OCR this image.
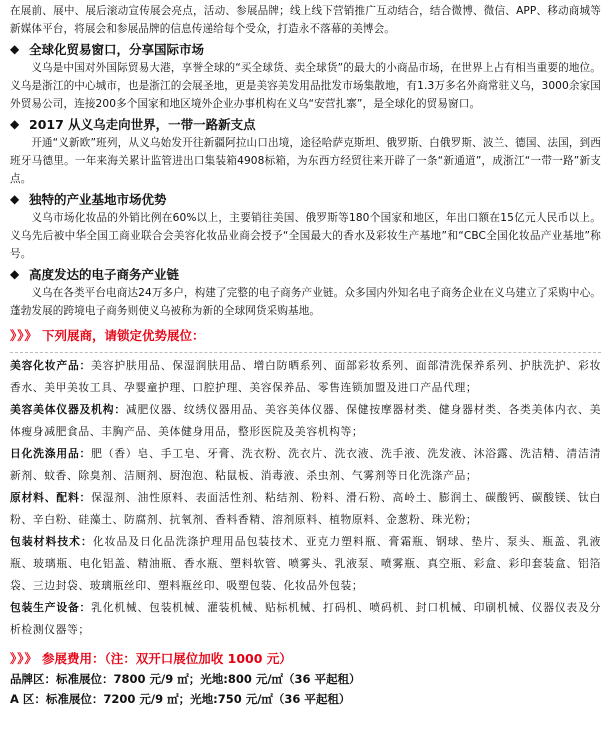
在展前、展中、展后滚动宣传展会亮点，活动、参展品牌；线上线下营销推广互动结合，结合微博、微信、APP、移动商城等新媒体平台，将展会和参展品牌的信息传递给每个受众，打造永不落幕的美博会。

◆ 全球化贸易窗口，分享国际市场

义乌是中国对外国际贸易大港，享誉全球的“买全球货、卖全球货”的最大的小商品市场，在世界上占有相当重要的地位。义乌是浙江的中心城市，也是浙江的会展圣地，更是美容美发用品批发市场集散地，有1.3万多名外商常驻义乌，3000余家国外贸易公司，连接200多个国家和地区境外企业办事机构在义乌“安营扎寨”，是全球化的贸易窗口。

◆ 2017 从义乌走向世界，一带一路新支点

开通“义新欧”班列，从义乌始发开往新疆阿拉山口出境，途径哈萨克斯坦、俄罗斯、白俄罗斯、波兰、德国、法国，到西班牙马德里。一年来海关累计监管进出口集装箱4908标箱，为东西方经贸往来开辟了一条“新通道”，成浙江“一带一路”新支点。

◆ 独特的产业基地市场优势

义乌市场化妆品的外销比例在60%以上，主要销往美国、俄罗斯等180个国家和地区，年出口额在15亿元人民币以上。义乌先后被中华全国工商业联合会美容化妆品业商会授予“全国最大的香水及彩妆生产基地”和“CBC全国化妆品产业基地”称号。

◆ 高度发达的电子商务产业链

义乌在各类平台电商达24万多户，构建了完整的电子商务产业链。众多国内外知名电子商务企业在义乌建立了采购中心。蓬勃发展的跨境电子商务则使义乌被称为新的全球网货采购基地。

》》》 下列展商，请锁定优势展位：

美容化妆产品：美容护肤用品、保湿润肤用品、增白防晒系列、面部彩妆系列、面部清洗保养系列、护肤洗护、彩妆香水、美甲美妆工具、孕婴童护理、口腔护理、美容保养品、零售连锁加盟及进口产品代理；

美容美体仪器及机构：减肥仪器、纹绣仪器用品、美容美体仪器、保健按摩器材类、健身器材类、各类美体内衣、美体瘦身减肥食品、丰胸产品、美体健身用品，整形医院及美容机构等；

日化洗涤用品：肥（香）皂、手工皂、牙膏、洗衣粉、洗衣片、洗衣液、洗手液、洗发液、沐浴露、洗洁精、清洁清新剂、蚊香、除臭剂、洁厕剂、厨泡泡、粘鼠板、消毒液、杀虫剂、气雾剂等日化洗涤产品；

原材料、配料：保湿剂、油性原料、表面活性剂、粘结剂、粉料、滑石粉、高岭土、膨润土、碳酸钙、碳酸镁、钛白粉、辛白粉、硅藻土、防腐剂、抗氧剂、香料香精、溶剂原料、植物原料、金葱粉、珠光粉；

包装材料技术：化妆品及日化品洗涤护理用品包装技术、亚克力塑料瓶、膏霜瓶、钢球、垫片、泵头、瓶盖、乳液瓶、玻璃瓶、电化铝盖、精油瓶、香水瓶、塑料软管、喷雾头、乳液泵、喷雾瓶、真空瓶、彩盒、彩印套装盒、铝箔袋、三边封袋、玻璃瓶丝印、塑料瓶丝印、吸塑包装、化妆品外包装；

包装生产设备：乳化机械、包装机械、灌装机械、贴标机械、打码机、喷码机、封口机械、印刷机械、仪器仪表及分析检测仪器等；

》》》 参展费用：（注：双开口展位加收 1000 元）

品牌区：标准展位：7800 元/9 ㎡；光地:800 元/㎡（36 平起租）

A 区：标准展位：7200 元/9 ㎡；光地:750 元/㎡（36 平起租）
